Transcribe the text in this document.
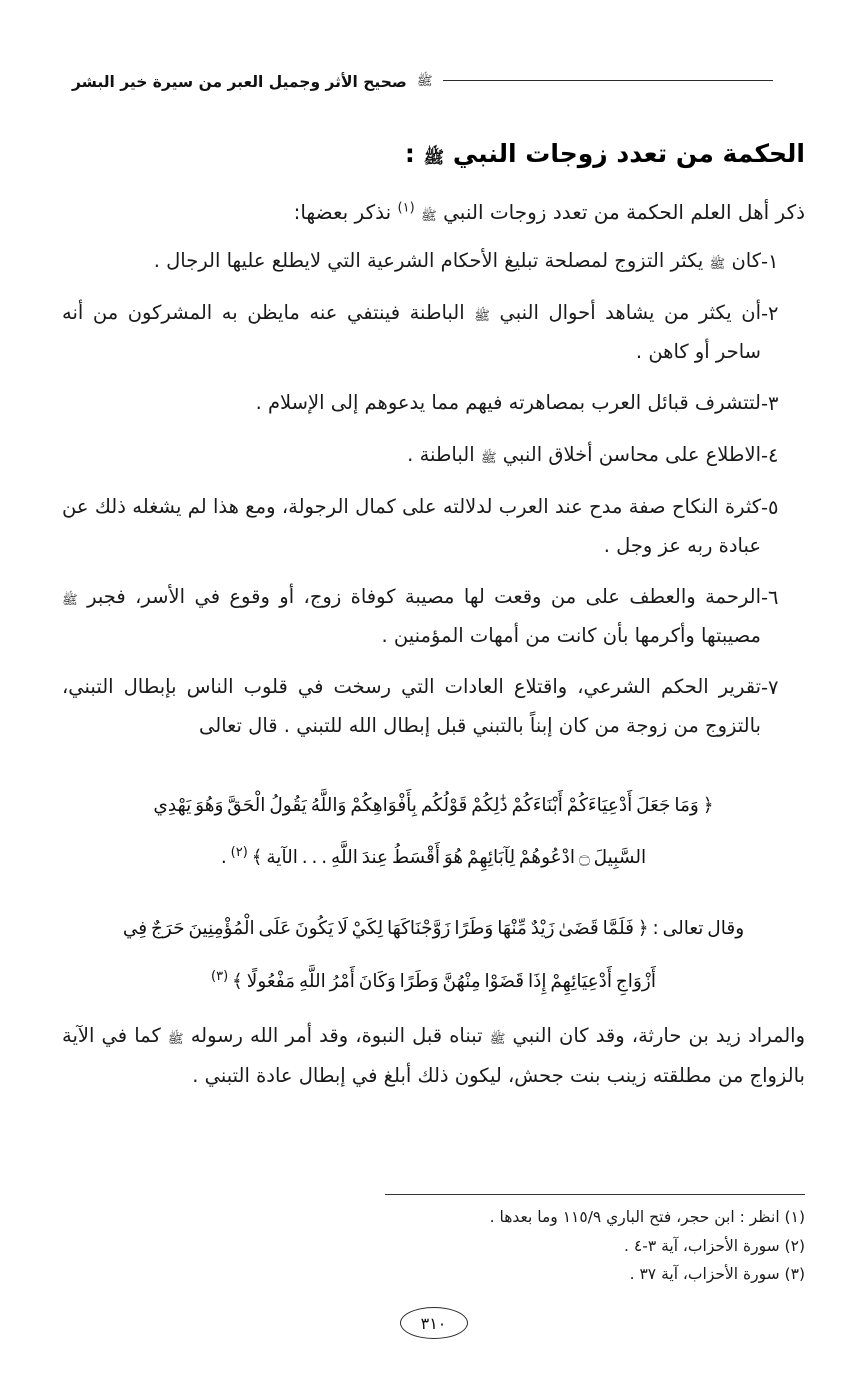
صحيح الأثر وجميل العبر من سيرة خير البشر ﷺ
الحكمة من تعدد زوجات النبي ﷺ :

ذكر أهل العلم الحكمة من تعدد زوجات النبي ﷺ $^{(١)}$ نذكر بعضها:

١-
كان ﷺ يكثر التزوج لمصلحة تبليغ الأحكام الشرعية التي لايطلع عليها الرجال .
٢-
أن يكثر من يشاهد أحوال النبي ﷺ الباطنة فينتفي عنه مايظن به المشركون من أنه ساحر أو كاهن .
٣-
لتتشرف قبائل العرب بمصاهرته فيهم مما يدعوهم إلى الإسلام .
٤-
الاطلاع على محاسن أخلاق النبي ﷺ الباطنة .
٥-
كثرة النكاح صفة مدح عند العرب لدلالته على كمال الرجولة، ومع هذا لم يشغله ذلك عن عبادة ربه عز وجل .
٦-
الرحمة والعطف على من وقعت لها مصيبة كوفاة زوج، أو وقوع في الأسر، فجبر ﷺ مصيبتها وأكرمها بأن كانت من أمهات المؤمنين .
٧-
تقرير الحكم الشرعي، واقتلاع العادات التي رسخت في قلوب الناس بإبطال التبني، بالتزوج من زوجة من كان إبناً بالتبني قبل إبطال الله للتبني . قال تعالى
﴿ وَمَا جَعَلَ أَدْعِيَاءَكُمْ أَبْنَاءَكُمْ ذَٰلِكُمْ قَوْلُكُم بِأَفْوَاهِكُمْ وَاللَّهُ يَقُولُ الْحَقَّ وَهُوَ يَهْدِي
السَّبِيلَ ۝ ادْعُوهُمْ لِآبَائِهِمْ هُوَ أَقْسَطُ عِندَ اللَّهِ . . . الآية ﴾ $^{(٢)}$ .
وقال تعالى : ﴿ فَلَمَّا قَضَىٰ زَيْدٌ مِّنْهَا وَطَرًا زَوَّجْنَاكَهَا لِكَيْ لَا يَكُونَ عَلَى الْمُؤْمِنِينَ حَرَجٌ فِي
أَزْوَاجِ أَدْعِيَائِهِمْ إِذَا قَضَوْا مِنْهُنَّ وَطَرًا وَكَانَ أَمْرُ اللَّهِ مَفْعُولًا ﴾ $^{(٣)}$

والمراد زيد بن حارثة، وقد كان النبي ﷺ تبناه قبل النبوة، وقد أمر الله رسوله ﷺ كما في الآية بالزواج من مطلقته زينب بنت جحش، ليكون ذلك أبلغ في إبطال عادة التبني .

(١) انظر : ابن حجر، فتح الباري ١١٥/٩ وما بعدها .
(٢) سورة الأحزاب، آية ٣-٤ .
(٣) سورة الأحزاب، آية ٣٧ .
٣١٠
